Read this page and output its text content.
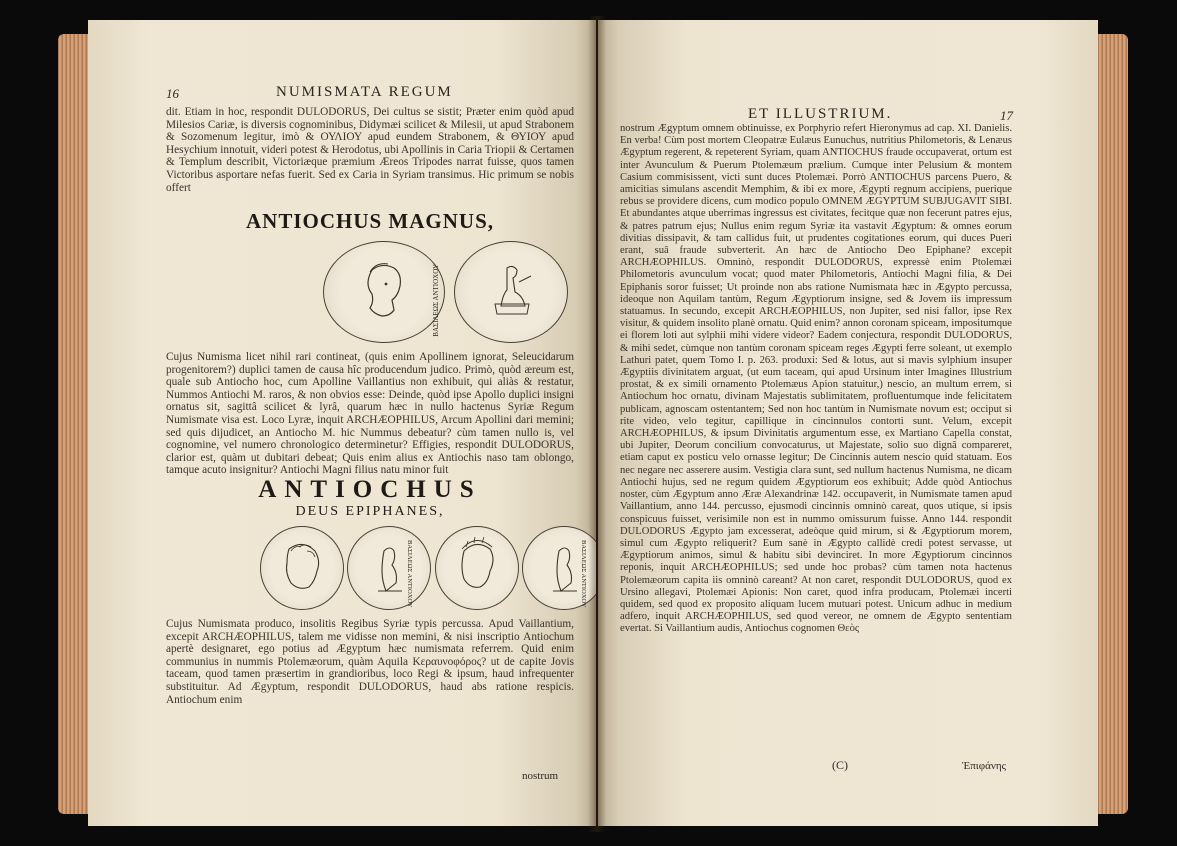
16	NUMISMATA REGUM
dit. Etiam in hoc, respondit DULODORUS, Dei cultus se sistit; Præter enim quòd apud Milesios Cariæ, is diversis cognominibus, Didymæi scilicet & Milesii, ut apud Strabonem & Sozomenum legitur, imò & ΟΥΛΙΟΥ apud eundem Strabonem, & ΘΥΙΟΥ apud Hesychium innotuit, videri potest & Herodotus, ubi Apollinis in Caria Triopii & Certamen & Templum describit, Victoriæque præmium Æreos Tripodes narrat fuisse, quos tamen Victoribus asportare nefas fuerit. Sed ex Caria in Syriam transimus. Hic primum se nobis offert
ANTIOCHUS MAGNUS,
ΒΑΣΙΛΕΩΣ ΑΝΤΙΟΧΟΥ
Cujus Numisma licet nihil rari contineat, (quis enim Apollinem ignorat, Seleucidarum progenitorem?) duplici tamen de causa hîc producendum judico. Primò, quòd æreum est, quale sub Antiocho hoc, cum Apolline Vaillantius non exhibuit, qui aliàs & restatur, Nummos Antiochi M. raros, & non obvios esse: Deinde, quòd ipse Apollo duplici insigni ornatus sit, sagittâ scilicet & lyrâ, quarum hæc in nullo hactenus Syriæ Regum Numismate visa est. Loco Lyræ, inquit ARCHÆOPHILUS, Arcum Apollini dari memini; sed quis dijudicet, an Antiocho M. hic Nummus debeatur? cùm tamen nullo is, vel cognomine, vel numero chronologico determinetur? Effigies, respondit DULODORUS, clarior est, quàm ut dubitari debeat; Quis enim alius ex Antiochis naso tam oblongo, tamque acuto insignitur? Antiochi Magni filius natu minor fuit
ANTIOCHUS
DEUS EPIPHANES,
ΒΑΣΙΛΕΩΣ ΑΝΤΙΟΧΟΥ	ΒΑΣΙΛΕΩΣ ΑΝΤΙΟΧΟΥ
Cujus Numismata produco, insolitis Regibus Syriæ typis percussa. Apud Vaillantium, excepit ARCHÆOPHILUS, talem me vidisse non memini, & nisi inscriptio Antiochum apertè designaret, ego potius ad Ægyptum hæc numismata referrem. Quid enim communius in nummis Ptolemæorum, quàm Aquila Κεραυνοφόρος? ut de capite Jovis taceam, quod tamen præsertim in grandioribus, loco Regi & ipsum, haud infrequenter substituitur. Ad Ægyptum, respondit DULODORUS, haud abs ratione respicis. Antiochum enim
nostrum
ET ILLUSTRIUM.	17
nostrum Ægyptum omnem obtinuisse, ex Porphyrio refert Hieronymus ad cap. XI. Danielis. En verba! Cùm post mortem Cleopatræ Eulæus Eunuchus, nutritius Philometoris, & Lenæus Ægyptum regerent, & repeterent Syriam, quam ANTIOCHUS fraude occupaverat, ortum est inter Avunculum & Puerum Ptolemæum prælium. Cumque inter Pelusium & montem Casium commisissent, victi sunt duces Ptolemæi. Porrò ANTIOCHUS parcens Puero, & amicitias simulans ascendit Memphim, & ibi ex more, Ægypti regnum accipiens, puerique rebus se providere dicens, cum modico populo OMNEM ÆGYPTUM SUBJUGAVIT SIBI. Et abundantes atque uberrimas ingressus est civitates, fecitque quæ non fecerunt patres ejus, & patres patrum ejus; Nullus enim regum Syriæ ita vastavit Ægyptum: & omnes eorum divitias dissipavit, & tam callidus fuit, ut prudentes cogitationes eorum, qui duces Pueri erant, suâ fraude subverterit. An hæc de Antiocho Deo Epiphane? excepit ARCHÆOPHILUS. Omninò, respondit DULODORUS, expressè enim Ptolemæi Philometoris avunculum vocat; quod mater Philometoris, Antiochi Magni filia, & Dei Epiphanis soror fuisset; Ut proinde non abs ratione Numismata hæc in Ægypto percussa, ideoque non Aquilam tantùm, Regum Ægyptiorum insigne, sed & Jovem iis impressum statuamus. In secundo, excepit ARCHÆOPHILUS, non Jupiter, sed nisi fallor, ipse Rex visitur, & quidem insolito planè ornatu. Quid enim? annon coronam spiceam, impositumque ei florem loti aut sylphii mihi videre videor? Eadem conjectura, respondit DULODORUS, & mihi sedet, cùmque non tantùm coronam spiceam reges Ægypti ferre soleant, ut exemplo Lathuri patet, quem Tomo I. p. 263. produxi: Sed & lotus, aut si mavis sylphium insuper Ægyptiis divinitatem arguat, (ut eum taceam, qui apud Ursinum inter Imagines Illustrium prostat, & ex simili ornamento Ptolemæus Apion statuitur,) nescio, an multum errem, si Antiochum hoc ornatu, divinam Majestatis sublimitatem, profluentumque inde felicitatem publicam, agnoscam ostentantem; Sed non hoc tantùm in Numismate novum est; occiput si rite video, velo tegitur, capillique in cincinnulos contorti sunt. Velum, excepit ARCHÆOPHILUS, & ipsum Divinitatis argumentum esse, ex Martiano Capella constat, ubi Jupiter, Deorum concilium convocaturus, ut Majestate, solio suo dignâ compareret, etiam caput ex posticu velo ornasse legitur; De Cincinnis autem nescio quid statuam. Eos nec negare nec asserere ausim. Vestigia clara sunt, sed nullum hactenus Numisma, ne dicam Antiochi hujus, sed ne regum quidem Ægyptiorum eos exhibuit; Adde quòd Antiochus noster, cùm Ægyptum anno Æræ Alexandrinæ 142. occupaverit, in Numismate tamen apud Vaillantium, anno 144. percusso, ejusmodi cincinnis omninò careat, quos utique, si ipsis conspicuus fuisset, verisimile non est in nummo omissurum fuisse. Anno 144. respondit DULODORUS Ægypto jam excesserat, adeòque quid mirum, si & Ægyptiorum morem, simul cum Ægypto reliquerit? Eum sanè in Ægypto callidè credi potest servasse, ut Ægyptiorum animos, simul & habitu sibi devinciret. In more Ægyptiorum cincinnos reponis, inquit ARCHÆOPHILUS; sed unde hoc probas? cùm tamen nota hactenus Ptolemæorum capita iis omninò careant? At non caret, respondit DULODORUS, quod ex Ursino allegavi, Ptolemæi Apionis: Non caret, quod infra producam, Ptolemæi incerti quidem, sed quod ex proposito aliquam lucem mutuari potest. Unicum adhuc in medium adfero, inquit ARCHÆOPHILUS, sed quod vereor, ne omnem de Ægypto sententiam evertat. Si Vaillantium audis, Antiochus cognomen Θεὸς
(C)	Ἐπιφάνης
